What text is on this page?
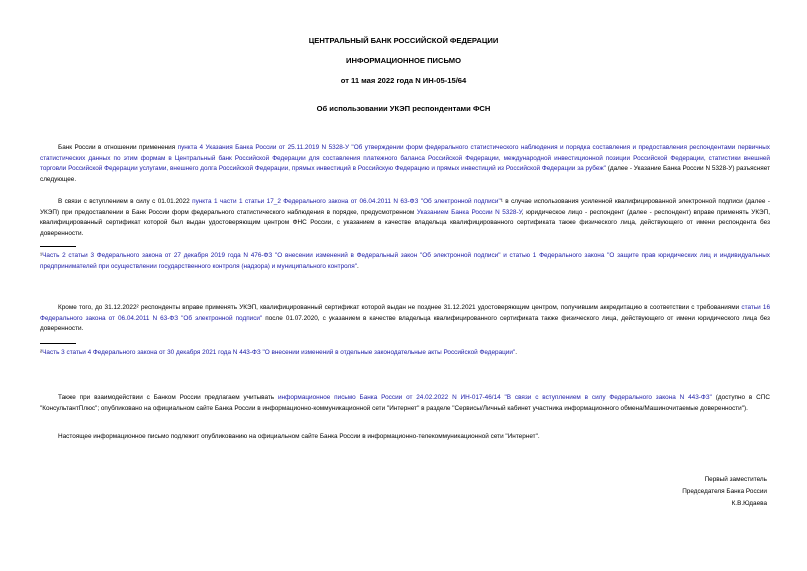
ЦЕНТРАЛЬНЫЙ БАНК РОССИЙСКОЙ ФЕДЕРАЦИИ
ИНФОРМАЦИОННОЕ ПИСЬМО
от 11 мая 2022 года N ИН-05-15/64
Об использовании УКЭП респондентами ФСН
Банк России в отношении применения пункта 4 Указания Банка России от 25.11.2019 N 5328-У "Об утверждении форм федерального статистического наблюдения и порядка составления и предоставления респондентами первичных статистических данных по этим формам в Центральный банк Российской Федерации для составления платежного баланса Российской Федерации, международной инвестиционной позиции Российской Федерации, статистики внешней торговли Российской Федерации услугами, внешнего долга Российской Федерации, прямых инвестиций в Российскую Федерацию и прямых инвестиций из Российской Федерации за рубеж" (далее - Указание Банка России N 5328-У) разъясняет следующее.
В связи с вступлением в силу с 01.01.2022 пункта 1 части 1 статьи 17_2 Федерального закона от 06.04.2011 N 63-ФЗ "Об электронной подписи"¹ в случае использования усиленной квалифицированной электронной подписи (далее - УКЭП) при предоставлении в Банк России форм федерального статистического наблюдения в порядке, предусмотренном Указанием Банка России N 5328-У, юридическое лицо - респондент (далее - респондент) вправе применять УКЭП, квалифицированный сертификат которой был выдан удостоверяющим центром ФНС России, с указанием в качестве владельца квалифицированного сертификата также физического лица, действующего от имени респондента без доверенности.
¹Часть 2 статьи 3 Федерального закона от 27 декабря 2019 года N 476-ФЗ "О внесении изменений в Федеральный закон "Об электронной подписи" и статью 1 Федерального закона "О защите прав юридических лиц и индивидуальных предпринимателей при осуществлении государственного контроля (надзора) и муниципального контроля".
Кроме того, до 31.12.2022² респонденты вправе применять УКЭП, квалифицированный сертификат которой выдан не позднее 31.12.2021 удостоверяющим центром, получившим аккредитацию в соответствии с требованиями статьи 16 Федерального закона от 06.04.2011 N 63-ФЗ "Об электронной подписи" после 01.07.2020, с указанием в качестве владельца квалифицированного сертификата также физического лица, действующего от имени юридического лица без доверенности.
²Часть 3 статьи 4 Федерального закона от 30 декабря 2021 года N 443-ФЗ "О внесении изменений в отдельные законодательные акты Российской Федерации".
Также при взаимодействии с Банком России предлагаем учитывать информационное письмо Банка России от 24.02.2022 N ИН-017-46/14 "В связи с вступлением в силу Федерального закона N 443-ФЗ" (доступно в СПС "КонсультантПлюс"; опубликовано на официальном сайте Банка России в информационно-коммуникационной сети "Интернет" в разделе "Сервисы/Личный кабинет участника информационного обмена/Машиночитаемые доверенности").
Настоящее информационное письмо подлежит опубликованию на официальном сайте Банка России в информационно-телекоммуникационной сети "Интернет".
Первый заместитель
Председателя Банка России
К.В.Юдаева
